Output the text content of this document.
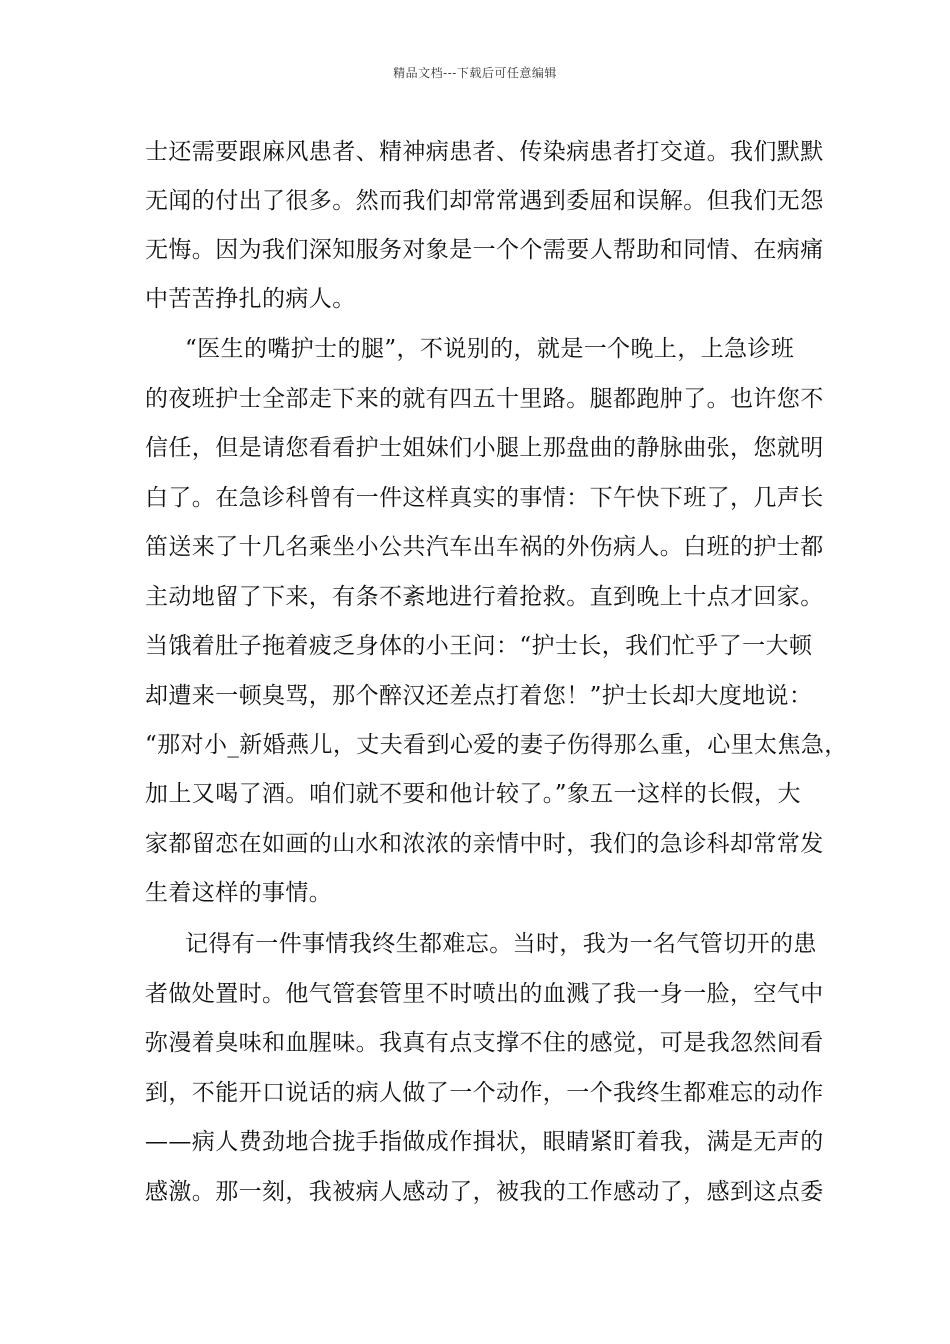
精品文档---下载后可任意编辑
士还需要跟麻风患者、精神病患者、传染病患者打交道。我们默默
无闻的付出了很多。然而我们却常常遇到委屈和误解。但我们无怨
无悔。因为我们深知服务对象是一个个需要人帮助和同情、在病痛
中苦苦挣扎的病人。
“医生的嘴护士的腿”，不说别的，就是一个晚上，上急诊班
的夜班护士全部走下来的就有四五十里路。腿都跑肿了。也许您不
信任，但是请您看看护士姐妹们小腿上那盘曲的静脉曲张，您就明
白了。在急诊科曾有一件这样真实的事情：下午快下班了，几声长
笛送来了十几名乘坐小公共汽车出车祸的外伤病人。白班的护士都
主动地留了下来，有条不紊地进行着抢救。直到晚上十点才回家。
当饿着肚子拖着疲乏身体的小王问：“护士长，我们忙乎了一大顿
却遭来一顿臭骂，那个醉汉还差点打着您！”护士长却大度地说：
“那对小_新婚燕儿，丈夫看到心爱的妻子伤得那么重，心里太焦急，
加上又喝了酒。咱们就不要和他计较了。”象五一这样的长假，大
家都留恋在如画的山水和浓浓的亲情中时，我们的急诊科却常常发
生着这样的事情。
记得有一件事情我终生都难忘。当时，我为一名气管切开的患
者做处置时。他气管套管里不时喷出的血溅了我一身一脸，空气中
弥漫着臭味和血腥味。我真有点支撑不住的感觉，可是我忽然间看
到，不能开口说话的病人做了一个动作，一个我终生都难忘的动作
——病人费劲地合拢手指做成作揖状，眼睛紧盯着我，满是无声的
感激。那一刻，我被病人感动了，被我的工作感动了，感到这点委
